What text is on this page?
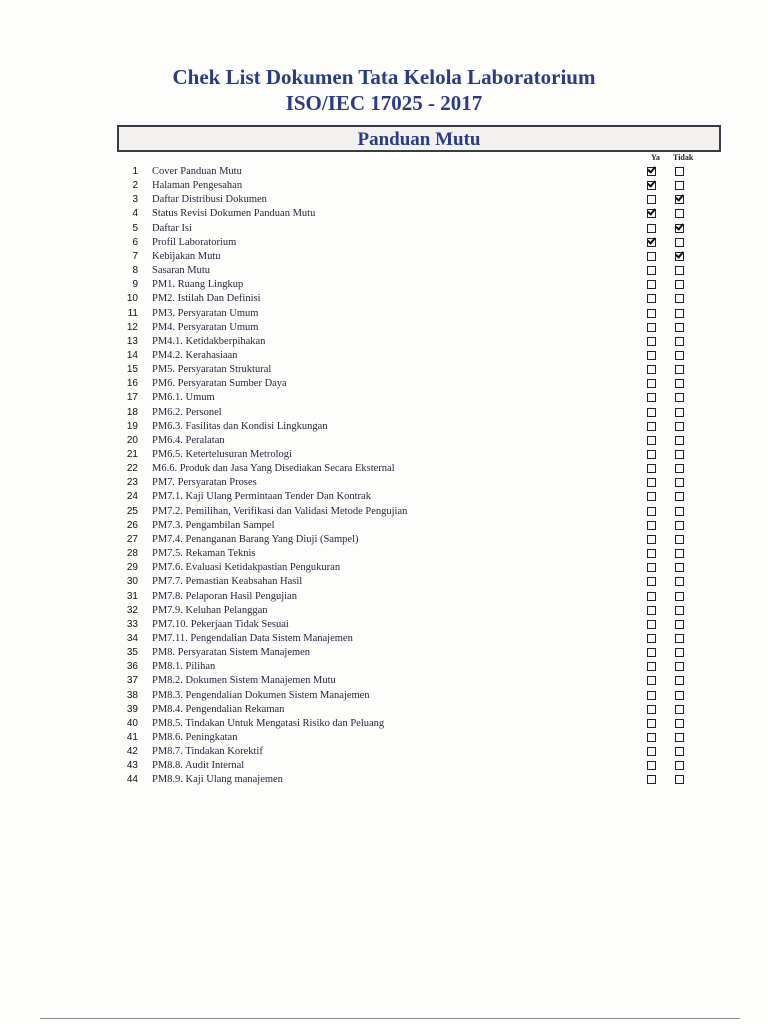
Chek List Dokumen Tata Kelola Laboratorium
ISO/IEC 17025 - 2017
Panduan Mutu
Ya Tidak
1 Cover Panduan Mutu
2 Halaman Pengesahan
3 Daftar Distribusi Dokumen
4 Status Revisi Dokumen Panduan Mutu
5 Daftar Isi
6 Profil Laboratorium
7 Kebijakan Mutu
8 Sasaran Mutu
9 PM1. Ruang Lingkup
10 PM2. Istilah Dan Definisi
11 PM3. Persyaratan Umum
12 PM4. Persyaratan Umum
13 PM4.1. Ketidakberpihakan
14 PM4.2. Kerahasiaan
15 PM5. Persyaratan Struktural
16 PM6. Persyaratan Sumber Daya
17 PM6.1. Umum
18 PM6.2. Personel
19 PM6.3. Fasilitas dan Kondisi Lingkungan
20 PM6.4. Peralatan
21 PM6.5. Ketertelusuran Metrologi
22 M6.6. Produk dan Jasa Yang Disediakan Secara Eksternal
23 PM7. Persyaratan Proses
24 PM7.1. Kaji Ulang Permintaan Tender Dan Kontrak
25 PM7.2. Pemilihan, Verifikasi dan Validasi Metode Pengujian
26 PM7.3. Pengambilan Sampel
27 PM7.4. Penanganan Barang Yang Diuji (Sampel)
28 PM7.5. Rekaman Teknis
29 PM7.6. Evaluasi Ketidakpastian Pengukuran
30 PM7.7. Pemastian Keabsahan Hasil
31 PM7.8. Pelaporan Hasil Pengujian
32 PM7.9. Keluhan Pelanggan
33 PM7.10. Pekerjaan Tidak Sesuai
34 PM7.11. Pengendalian Data Sistem Manajemen
35 PM8. Persyaratan Sistem Manajemen
36 PM8.1. Pilihan
37 PM8.2. Dokumen Sistem Manajemen Mutu
38 PM8.3. Pengendalian Dokumen Sistem Manajemen
39 PM8.4. Pengendalian Rekaman
40 PM8.5. Tindakan Untuk Mengatasi Risiko dan Peluang
41 PM8.6. Peningkatan
42 PM8.7. Tindakan Korektif
43 PM8.8. Audit Internal
44 PM8.9. Kaji Ulang manajemen
